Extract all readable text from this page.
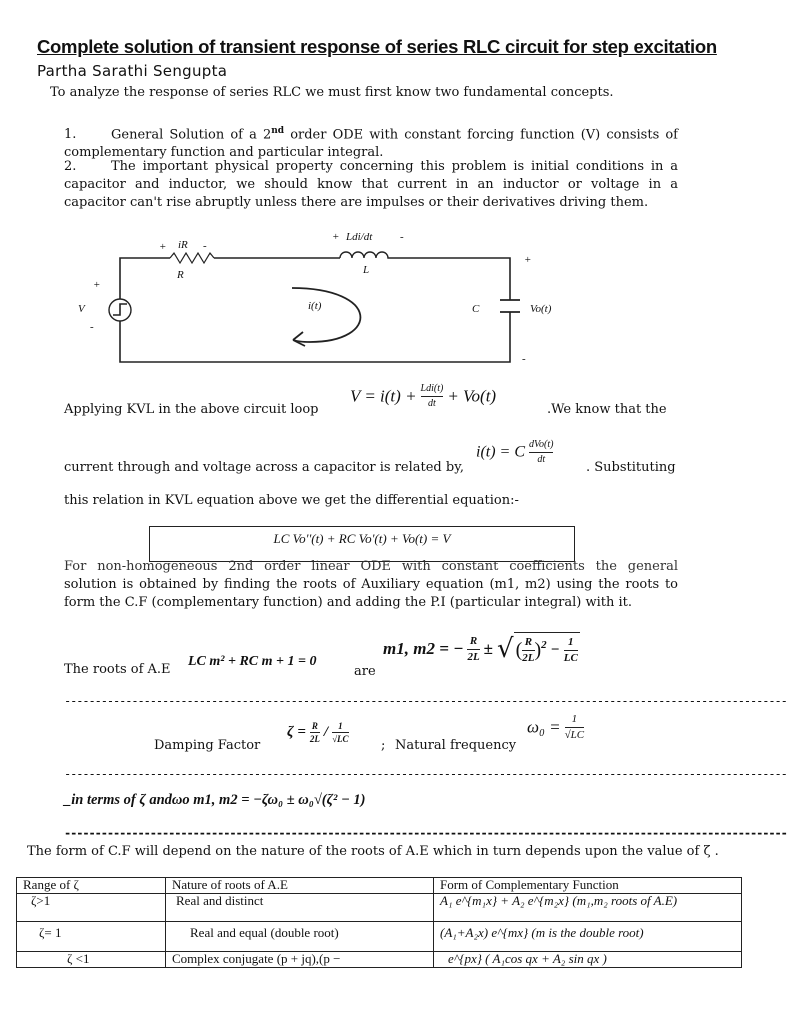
Complete solution of transient response of series RLC circuit for step excitation
Partha Sarathi Sengupta
To analyze the response of series RLC we must first know two fundamental concepts.
1.	General Solution of a 2nd order ODE with constant forcing function (V) consists of
complementary function and particular integral.
2.	The important physical property concerning this problem is initial conditions in a
capacitor and inductor, we should know that current in an inductor or voltage in a
capacitor can't rise abruptly unless there are impulses or their derivatives driving them.
+ iR -
R
+ Ldi/dt	-
L
+
V
-
i(t)	C	Vo(t)
+
-
Applying KVL in the above circuit loop
V = i(t) + Ldi(t)
dt + Vo(t)
.We know that the
current through and voltage across a capacitor is related by,
i(t) = C dVo(t)
dt
. Substituting
this relation in KVL equation above we get the differential equation:-
LC Vo''(t) + RC Vo'(t) + Vo(t) = V
For non-homogeneous 2nd order linear ODE with constant coefficients the general
solution is obtained by finding the roots of Auxiliary equation (m1, m2) using the roots to
form the C.F (complementary function) and adding the P.I (particular integral) with it.
The roots of A.E
LC m² + RC m + 1 = 0
are
m1, m2 = − $\frac{R}{2L}$ ± √ ( $\frac{R}{2L} )^2 - \frac{1}{LC}$
----------------------------------------------------------------------------------------------------------------------
Damping Factor
$\zeta = \frac{R}{2L} / \frac{1}{√LC}$
; Natural frequency
$\omega_0 = \frac{1}{√LC}$
----------------------------------------------------------------------------------------------------------------------
_in terms of ζ andωo m1, m2 = −ζω₀ ± ω₀√(ζ² − 1)
----------------------------------------------------------------------------------------------------------------------
The form of C.F will depend on the nature of the roots of A.E which in turn depends upon the value of ζ .
Range of ζ	Nature of roots of A.E	Form of Complementary Function
ζ>1	Real and distinct	A₁ e^{m₁x} + A₂ e^{m₂x} (m₁,m₂ roots of A.E)
ζ= 1	Real and equal (double root)	(A₁+A₂x) e^{mx} (m is the double root)
ζ <1	Complex conjugate (p + jq),(p −	e^{px} ( A₁cos qx + A₂ sin qx )
